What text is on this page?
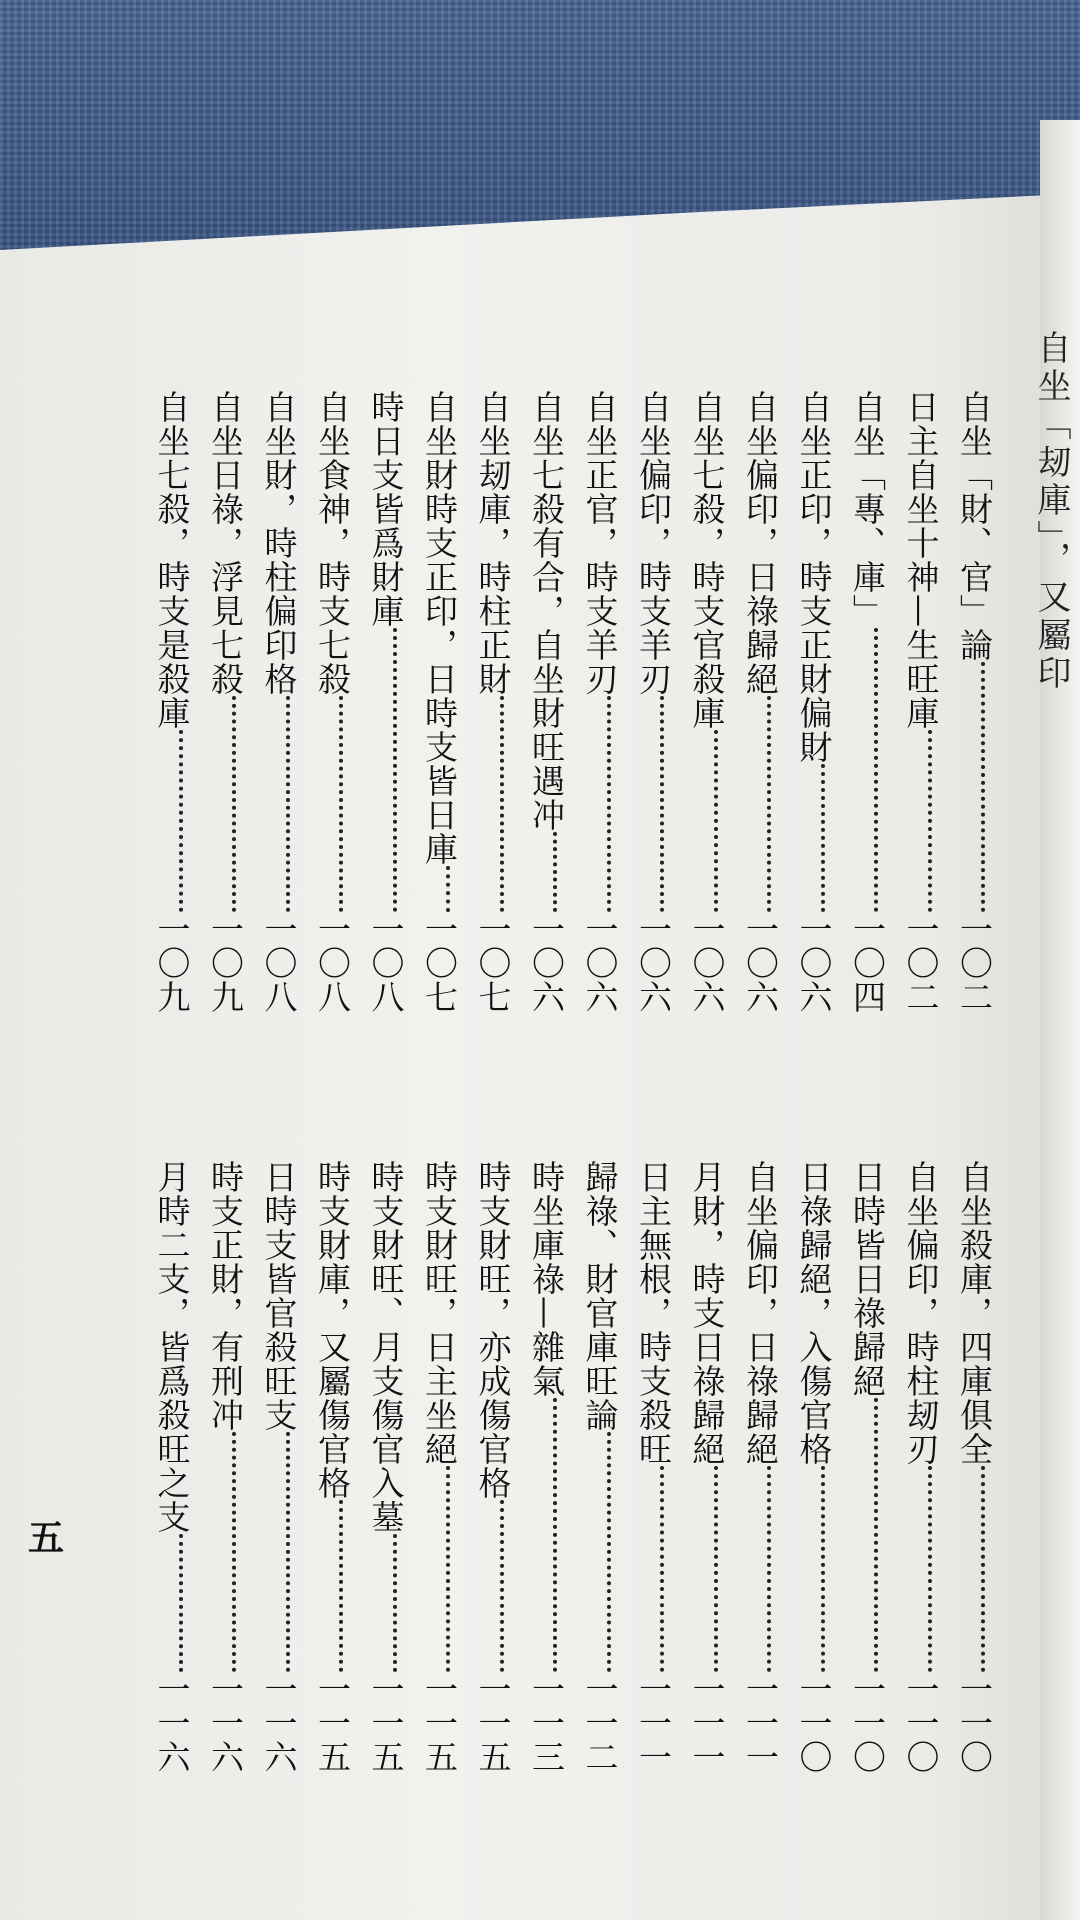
自坐「刼庫」，又屬印
自坐「財、官」論一〇二
日主自坐十神—生旺庫一〇二
自坐「專、庫」一〇四
自坐正印，時支正財偏財一〇六
自坐偏印，日祿歸絕一〇六
自坐七殺，時支官殺庫一〇六
自坐偏印，時支羊刃一〇六
自坐正官，時支羊刃一〇六
自坐七殺有合，自坐財旺遇冲一〇六
自坐刼庫，時柱正財一〇七
自坐財時支正印，日時支皆日庫一〇七
時日支皆爲財庫一〇八
自坐食神，時支七殺一〇八
自坐財，時柱偏印格一〇八
自坐日祿，浮見七殺一〇九
自坐七殺，時支是殺庫一〇九
自坐殺庫，四庫俱全一一〇
自坐偏印，時柱刼刃一一〇
日時皆日祿歸絕一一〇
日祿歸絕，入傷官格一一〇
自坐偏印，日祿歸絕一一一
月財，時支日祿歸絕一一一
日主無根，時支殺旺一一一
歸祿、財官庫旺論一一二
時坐庫祿—雜氣一一三
時支財旺，亦成傷官格一一五
時支財旺，日主坐絕一一五
時支財旺、月支傷官入墓一一五
時支財庫，又屬傷官格一一五
日時支皆官殺旺支一一六
時支正財，有刑冲一一六
月時二支，皆爲殺旺之支一一六
五
